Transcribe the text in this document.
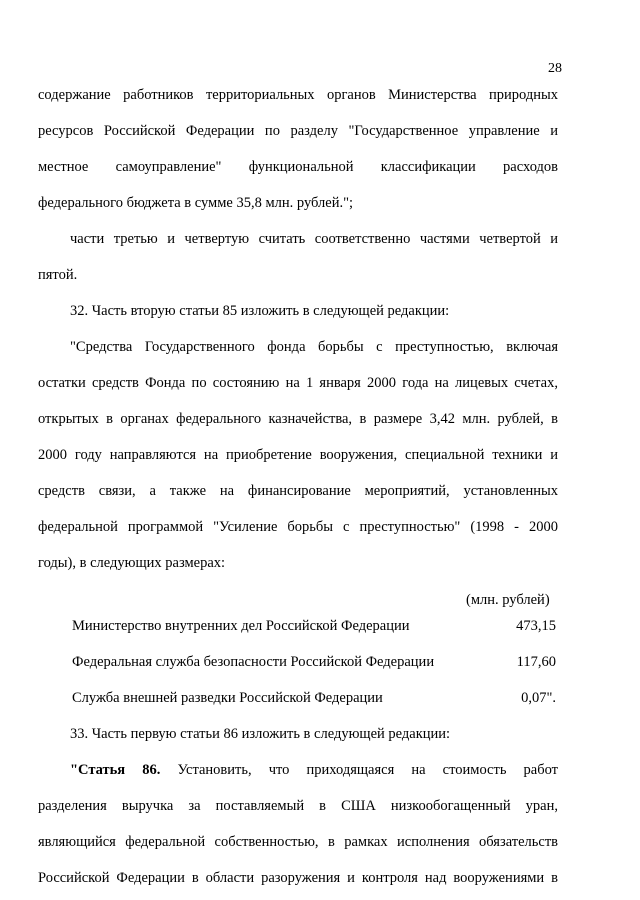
28
содержание работников территориальных органов Министерства природных
ресурсов Российской Федерации по разделу "Государственное управление и
местное самоуправление" функциональной классификации расходов
федерального бюджета в сумме 35,8 млн. рублей.";
части третью и четвертую считать соответственно частями четвертой и
пятой.
32. Часть вторую статьи 85 изложить в следующей редакции:
"Средства Государственного фонда борьбы с преступностью, включая
остатки средств Фонда по состоянию на 1 января 2000 года на лицевых счетах,
открытых в органах федерального казначейства, в размере 3,42 млн. рублей, в
2000 году направляются на приобретение вооружения, специальной техники и
средств связи, а также на финансирование мероприятий, установленных
федеральной программой "Усиление борьбы с преступностью" (1998 - 2000
годы), в следующих размерах:
(млн. рублей)
Министерство внутренних дел Российской Федерации	473,15
Федеральная служба безопасности Российской Федерации	117,60
Служба внешней разведки Российской Федерации	0,07".
33. Часть первую статьи 86 изложить в следующей редакции:
"Статья 86. Установить, что приходящаяся на стоимость работ
разделения выручка за поставляемый в США низкообогащенный уран,
являющийся федеральной собственностью, в рамках исполнения обязательств
Российской Федерации в области разоружения и контроля над вооружениями в
